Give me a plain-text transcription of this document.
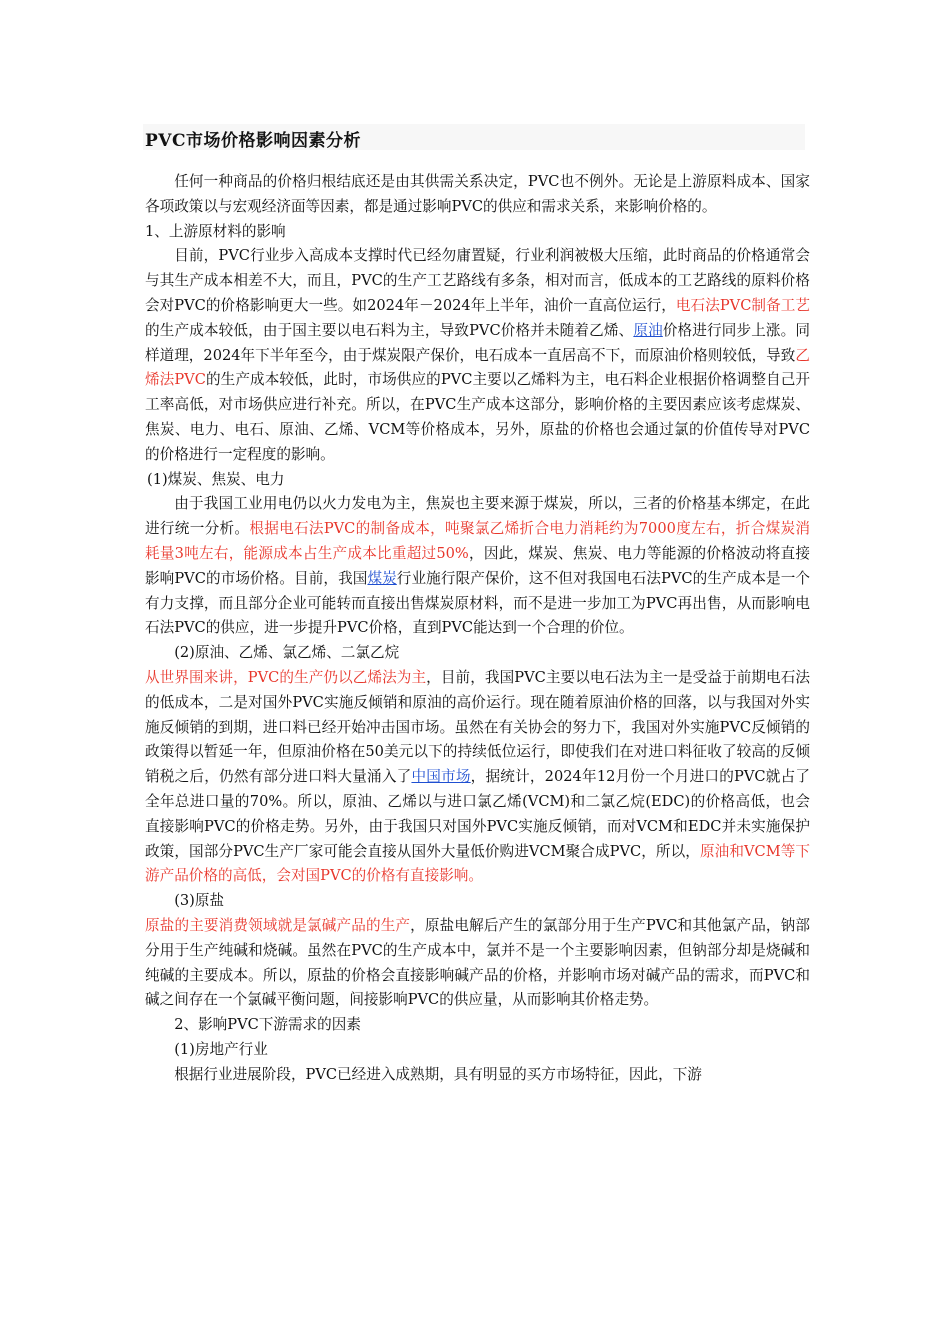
PVC市场价格影响因素分析

任何一种商品的价格归根结底还是由其供需关系决定，PVC也不例外。无论是上游原料成本、国家各项政策以与宏观经济面等因素，都是通过影响PVC的供应和需求关系，来影响价格的。

1、上游原材料的影响

目前，PVC行业步入高成本支撑时代已经勿庸置疑，行业利润被极大压缩，此时商品的价格通常会与其生产成本相差不大，而且，PVC的生产工艺路线有多条，相对而言，低成本的工艺路线的原料价格会对PVC的价格影响更大一些。如2024年－2024年上半年，油价一直高位运行，电石法PVC制备工艺的生产成本较低，由于国主要以电石料为主，导致PVC价格并未随着乙烯、原油价格进行同步上涨。同样道理，2024年下半年至今，由于煤炭限产保价，电石成本一直居高不下，而原油价格则较低，导致乙烯法PVC的生产成本较低，此时，市场供应的PVC主要以乙烯料为主，电石料企业根据价格调整自己开工率高低，对市场供应进行补充。所以，在PVC生产成本这部分，影响价格的主要因素应该考虑煤炭、焦炭、电力、电石、原油、乙烯、VCM等价格成本，另外，原盐的价格也会通过氯的价值传导对PVC的价格进行一定程度的影响。

(1)煤炭、焦炭、电力

由于我国工业用电仍以火力发电为主，焦炭也主要来源于煤炭，所以，三者的价格基本绑定，在此进行统一分析。根据电石法PVC的制备成本，吨聚氯乙烯折合电力消耗约为7000度左右，折合煤炭消耗量3吨左右，能源成本占生产成本比重超过50%，因此，煤炭、焦炭、电力等能源的价格波动将直接影响PVC的市场价格。目前，我国煤炭行业施行限产保价，这不但对我国电石法PVC的生产成本是一个有力支撑，而且部分企业可能转而直接出售煤炭原材料，而不是进一步加工为PVC再出售，从而影响电石法PVC的供应，进一步提升PVC价格，直到PVC能达到一个合理的价位。

(2)原油、乙烯、氯乙烯、二氯乙烷

从世界围来讲，PVC的生产仍以乙烯法为主，目前，我国PVC主要以电石法为主一是受益于前期电石法的低成本，二是对国外PVC实施反倾销和原油的高价运行。现在随着原油价格的回落，以与我国对外实施反倾销的到期，进口料已经开始冲击国市场。虽然在有关协会的努力下，我国对外实施PVC反倾销的政策得以暂延一年，但原油价格在50美元以下的持续低位运行，即使我们在对进口料征收了较高的反倾销税之后，仍然有部分进口料大量涌入了中国市场，据统计，2024年12月份一个月进口的PVC就占了全年总进口量的70%。所以，原油、乙烯以与进口氯乙烯(VCM)和二氯乙烷(EDC)的价格高低，也会直接影响PVC的价格走势。另外，由于我国只对国外PVC实施反倾销，而对VCM和EDC并未实施保护政策，国部分PVC生产厂家可能会直接从国外大量低价购进VCM聚合成PVC，所以，原油和VCM等下游产品价格的高低，会对国PVC的价格有直接影响。

(3)原盐

原盐的主要消费领域就是氯碱产品的生产，原盐电解后产生的氯部分用于生产PVC和其他氯产品，钠部分用于生产纯碱和烧碱。虽然在PVC的生产成本中，氯并不是一个主要影响因素，但钠部分却是烧碱和纯碱的主要成本。所以，原盐的价格会直接影响碱产品的价格，并影响市场对碱产品的需求，而PVC和碱之间存在一个氯碱平衡问题，间接影响PVC的供应量，从而影响其价格走势。

2、影响PVC下游需求的因素

(1)房地产行业

根据行业进展阶段，PVC已经进入成熟期，具有明显的买方市场特征，因此，下游
